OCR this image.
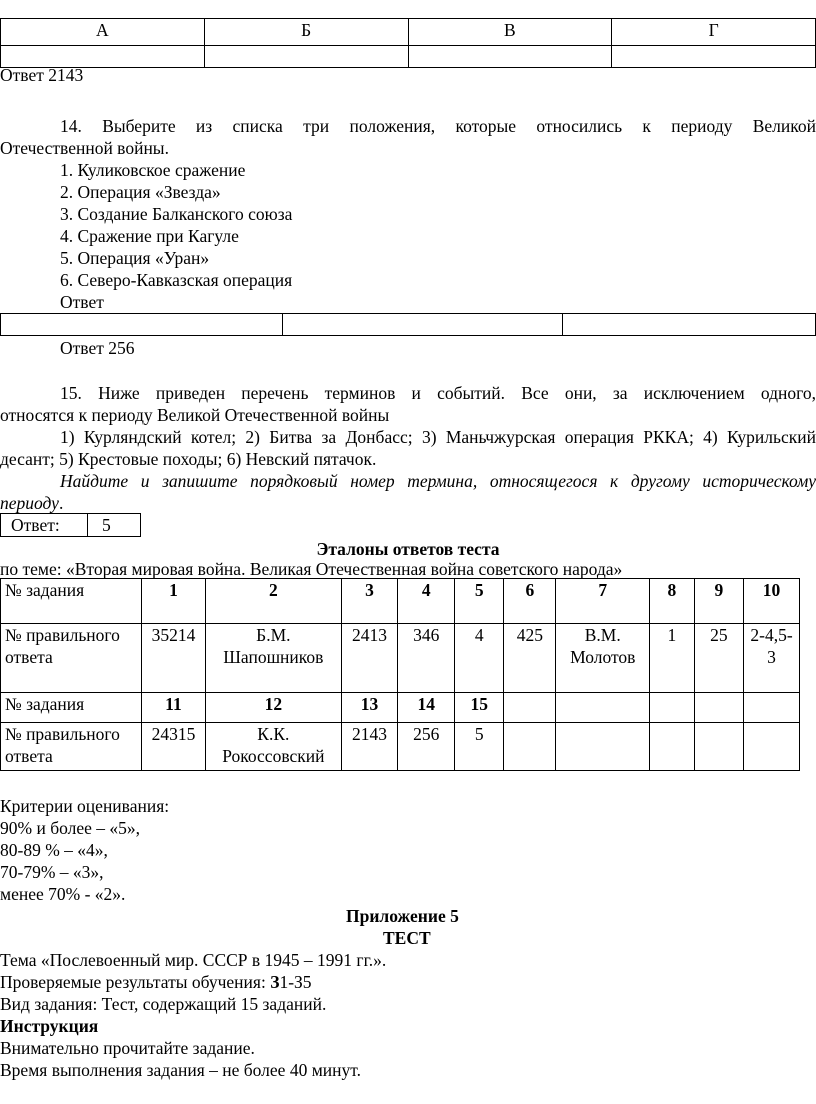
А	Б	В	Г

Ответ 2143
14. Выберите из списка три положения, которые относились к периоду Великой
Отечественной войны.
1. Куликовское сражение
2. Операция «Звезда»
3. Создание Балканского союза
4. Сражение при Кагуле
5. Операция «Уран»
6. Северо-Кавказская операция
Ответ

Ответ 256
15. Ниже приведен перечень терминов и событий. Все они, за исключением одного,
относятся к периоду Великой Отечественной войны
1) Курляндский котел; 2) Битва за Донбасс; 3) Маньчжурская операция РККА; 4) Курильский
десант; 5) Крестовые походы; 6) Невский пятачок.
Найдите и запишите порядковый номер термина, относящегося к другому историческому
периоду.
Ответ:	5
Эталоны ответов теста
по теме: «Вторая мировая война. Великая Отечественная война советского народа»
№ задания	1	2	3	4	5	6	7	8	9	10
№ правильного ответа	35214	Б.М. Шапошников	2413	346	4	425	В.М. Молотов	1	25	2-4,5-3
№ задания	11	12	13	14	15					
№ правильного ответа	24315	К.К. Рокоссовский	2143	256	5					
Критерии оценивания:
90% и более – «5»,
80-89 % – «4»,
70-79% – «3»,
менее 70% - «2».
Приложение 5
ТЕСТ
Тема «Послевоенный мир. СССР в 1945 – 1991 гг.».
Проверяемые результаты обучения: З1-З5
Вид задания: Тест, содержащий 15 заданий.
Инструкция
Внимательно прочитайте задание.
Время выполнения задания – не более 40 минут.
